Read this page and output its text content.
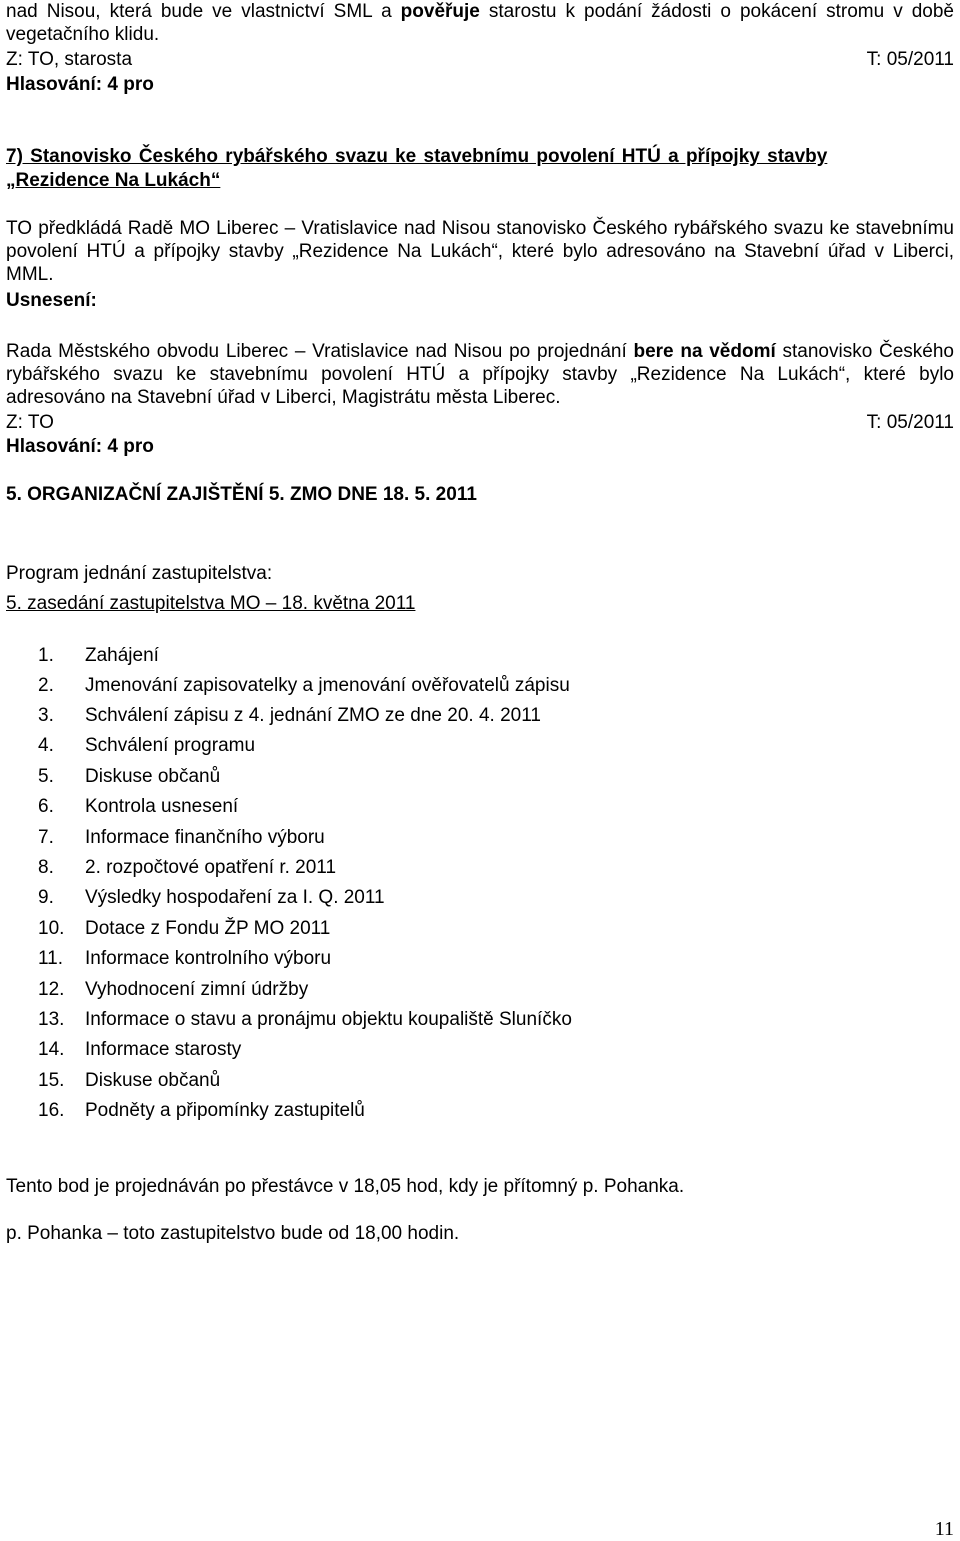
nad Nisou, která bude ve vlastnictví SML a pověřuje starostu k podání žádosti o pokácení stromu v době vegetačního klidu.
Z: TO, starosta	T: 05/2011
Hlasování: 4 pro
7) Stanovisko Českého rybářského svazu ke stavebnímu povolení HTÚ a přípojky stavby
„Rezidence Na Lukách“
TO předkládá Radě MO Liberec – Vratislavice nad Nisou stanovisko Českého rybářského svazu ke stavebnímu povolení HTÚ a přípojky stavby „Rezidence Na Lukách“, které bylo adresováno na Stavební úřad v Liberci, MML.
Usnesení:
Rada Městského obvodu Liberec – Vratislavice nad Nisou po projednání bere na vědomí stanovisko Českého rybářského svazu ke stavebnímu povolení HTÚ a přípojky stavby „Rezidence Na Lukách“, které bylo adresováno na Stavební úřad v Liberci, Magistrátu města Liberec.
Z: TO	T: 05/2011
Hlasování: 4 pro
5. ORGANIZAČNÍ ZAJIŠTĚNÍ 5. ZMO DNE 18. 5. 2011
Program jednání zastupitelstva:
5. zasedání zastupitelstva MO – 18. května 2011
1. Zahájení
2. Jmenování zapisovatelky a jmenování ověřovatelů zápisu
3. Schválení zápisu z 4. jednání ZMO ze dne 20. 4. 2011
4. Schválení programu
5. Diskuse občanů
6. Kontrola usnesení
7. Informace finančního výboru
8. 2. rozpočtové opatření r. 2011
9. Výsledky hospodaření za I. Q. 2011
10. Dotace z Fondu ŽP MO 2011
11. Informace kontrolního výboru
12. Vyhodnocení zimní údržby
13. Informace o stavu a pronájmu objektu koupaliště Sluníčko
14. Informace starosty
15. Diskuse občanů
16. Podněty a připomínky zastupitelů
Tento bod je projednáván po přestávce v 18,05 hod, kdy je přítomný p. Pohanka.
p. Pohanka – toto zastupitelstvo bude od 18,00 hodin.
11
